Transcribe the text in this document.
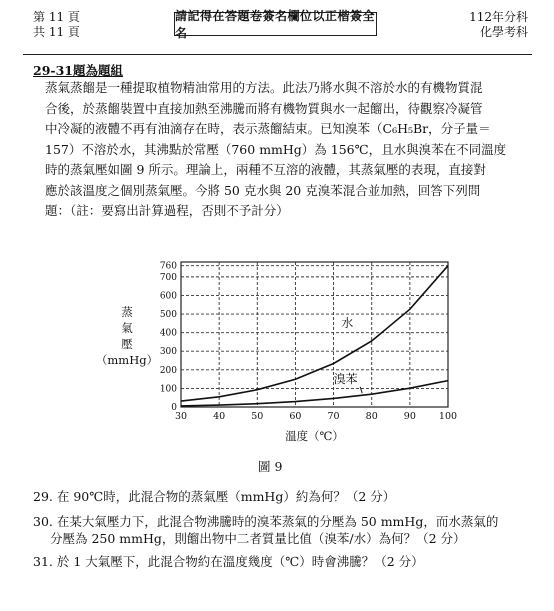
第 11 頁
共 11 頁
請記得在答題卷簽名欄位以正楷簽全名
112年分科
化學考科
29-31題為題組
蒸氣蒸餾是一種提取植物精油常用的方法。此法乃將水與不溶於水的有機物質混
合後，於蒸餾裝置中直接加熱至沸騰而將有機物質與水一起餾出，待觀察冷凝管
中冷凝的液體不再有油滴存在時，表示蒸餾結束。已知溴苯（C₆H₅Br，分子量＝
157）不溶於水，其沸點於常壓（760 mmHg）為 156℃，且水與溴苯在不同溫度
時的蒸氣壓如圖 9 所示。理論上，兩種不互溶的液體，其蒸氣壓的表現，直接對
應於該溫度之個別蒸氣壓。今將 50 克水與 20 克溴苯混合並加熱，回答下列問
題：（註：要寫出計算過程，否則不予計分）
0
100
200
300
400
500
600
700
760
30	40	50	60	70	80	90 100
水
溴苯
蒸
氣
壓
（mmHg）
溫度（℃）
圖 9
29. 在 90℃時，此混合物的蒸氣壓（mmHg）約為何？（2 分）
30. 在某大氣壓力下，此混合物沸騰時的溴苯蒸氣的分壓為 50 mmHg，而水蒸氣的
分壓為 250 mmHg，則餾出物中二者質量比值（溴苯/水）為何？（2 分）
31. 於 1 大氣壓下，此混合物約在溫度幾度（℃）時會沸騰？（2 分）
